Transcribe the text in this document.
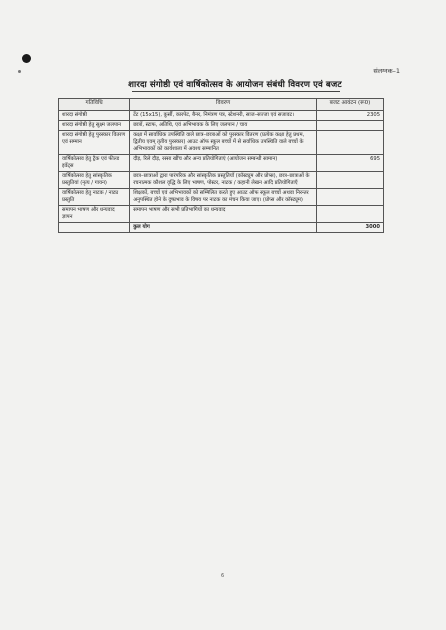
संलग्नक–1
शारदा संगोष्ठी एवं वार्षिकोत्सव के आयोजन संबंधी विवरण एवं बजट
गतिविधि	विवरण	बजट आवंटन (रू0)
शारदा संगोष्ठी	टेंट (15x15), कुर्सी, कारपेट, बैनर, निमंत्रण पत्र, स्टेशनरी, साज–सज्जा एवं सजावट।	2305
शारदा संगोष्ठी हेतु सूक्ष्म जलपान	छात्रों, स्टाफ, अतिथि, एवं अभिभावक के लिए जलपान / चाय	
शारदा संगोष्ठी हेतु पुरस्कार वितरण एवं सम्मान	कक्षा में सार्वाधिक उपस्थिति वाले छात्र–छात्राओं को पुरस्कार वितरण (प्रत्येक कक्षा हेतु प्रथम, द्वितीय एवम् तृतीय पुरस्कार) आउट ऑफ स्कूल बच्चों में से सर्वाधिक उपस्थिति वाले बच्चों के अभिभावकों को कार्यशाला में अवश्य सम्मानित	
वार्षिकोत्सव हेतु ट्रैक एवं फील्ड इवेंट्स	दौड़, रिले दौड़, रस्सा खींच और अन्य प्रतियोगिताएं (आयोजन सम्बन्धी सामान)	695
वार्षिकोत्सव हेतु सांस्कृतिक प्रस्तुतियां (नृत्य / गायन)	छात्र–छात्राओं द्वारा पारंपरिक और सांस्कृतिक प्रस्तुतियाँ (कॉस्ट्यूम और प्रोप्स), छात्र–छात्राओं के रचनात्मक कौशल वृद्धि के लिए भाषण, पोस्टर, नाटक / कहानी लेखन आदि प्रतियोगिताएँ	
वार्षिकोत्सव हेतु नाटक / नाट्य प्रस्तुति	शिक्षकों, बच्चों एवं अभिभावकों को सम्मिलित करते हुए आउट ऑफ स्कूल बच्चों अथवा निरन्तर अनुपस्थित होने के दुष्प्रभाव के विषय पर नाटक का मंचन किया जाए। (प्रोप्स और कॉस्ट्यूम)	
समापन भाषण और धन्यवाद ज्ञापन	समापन भाषण और सभी प्रतिभागियों का धन्यवाद	
	कुल योग	3000
6
